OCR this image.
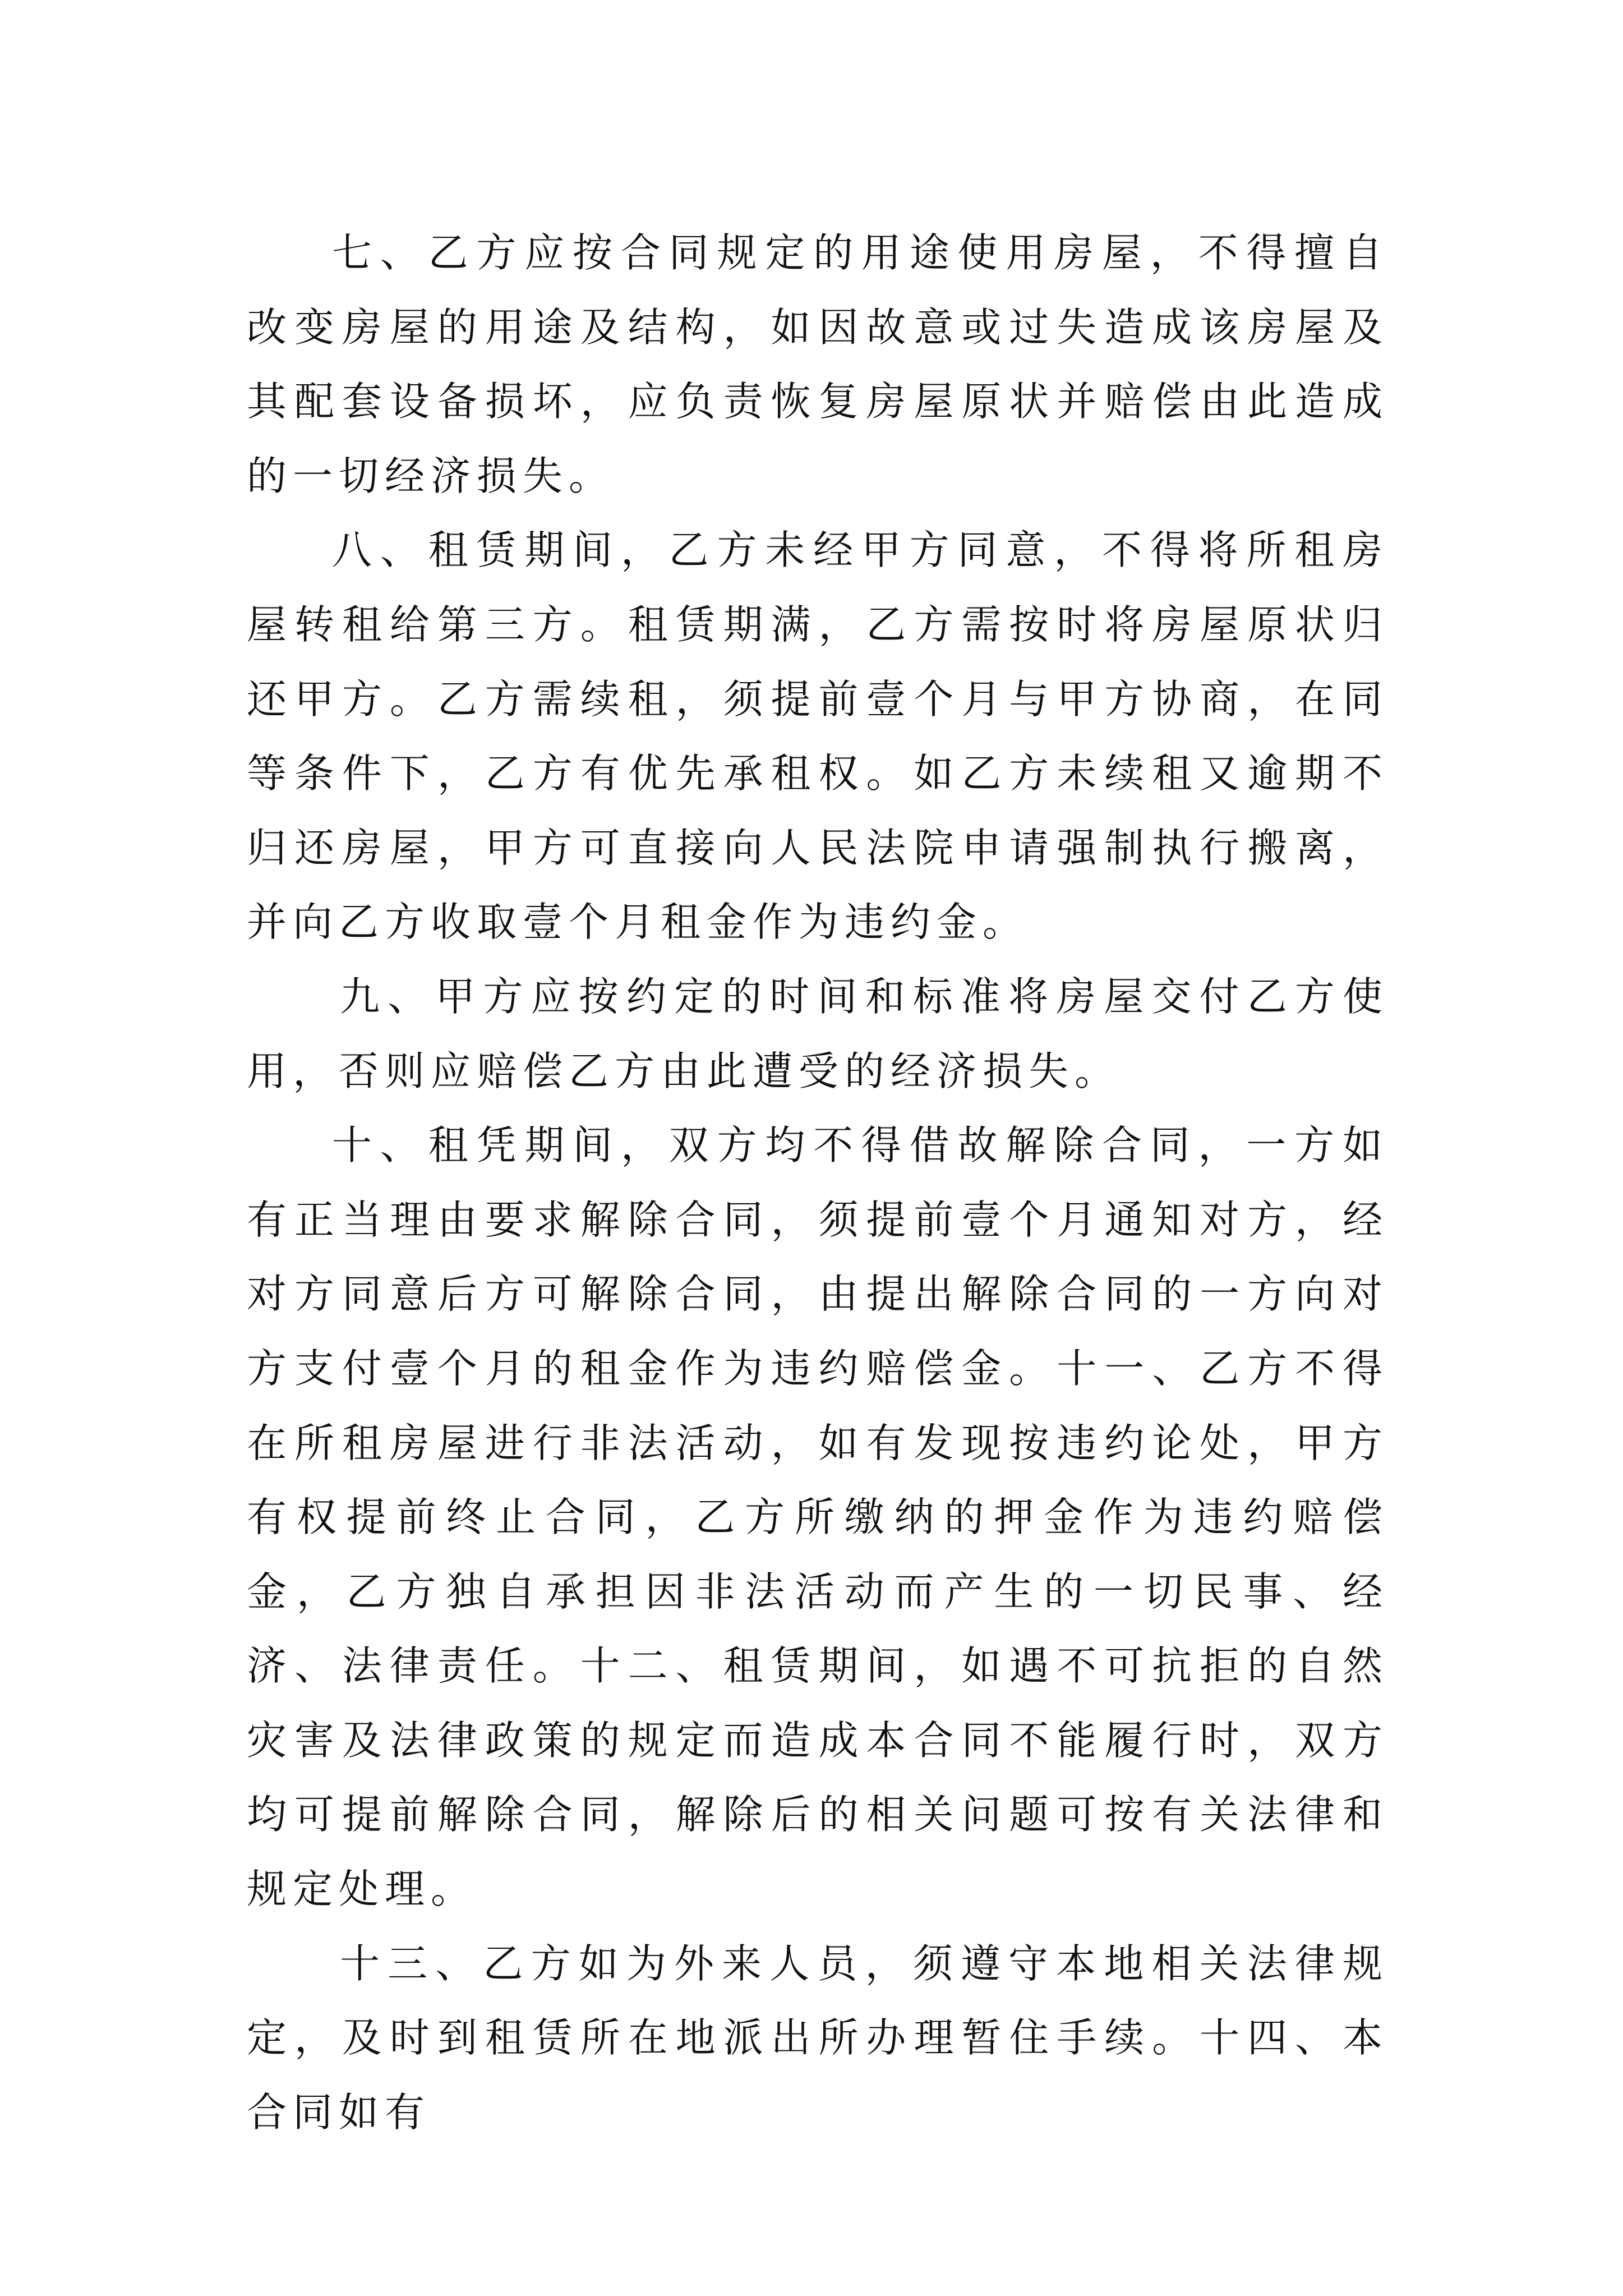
七、乙方应按合同规定的用途使用房屋，不得擅自改变房屋的用途及结构，如因故意或过失造成该房屋及其配套设备损坏，应负责恢复房屋原状并赔偿由此造成的一切经济损失。

八、租赁期间，乙方未经甲方同意，不得将所租房屋转租给第三方。租赁期满，乙方需按时将房屋原状归还甲方。乙方需续租，须提前壹个月与甲方协商，在同等条件下，乙方有优先承租权。如乙方未续租又逾期不归还房屋，甲方可直接向人民法院申请强制执行搬离，并向乙方收取壹个月租金作为违约金。

九、甲方应按约定的时间和标准将房屋交付乙方使用，否则应赔偿乙方由此遭受的经济损失。

十、租凭期间，双方均不得借故解除合同，一方如有正当理由要求解除合同，须提前壹个月通知对方，经对方同意后方可解除合同，由提出解除合同的一方向对方支付壹个月的租金作为违约赔偿金。十一、乙方不得在所租房屋进行非法活动，如有发现按违约论处，甲方有权提前终止合同，乙方所缴纳的押金作为违约赔偿金，乙方独自承担因非法活动而产生的一切民事、经济、法律责任。十二、租赁期间，如遇不可抗拒的自然灾害及法律政策的规定而造成本合同不能履行时，双方均可提前解除合同，解除后的相关问题可按有关法律和规定处理。

十三、乙方如为外来人员，须遵守本地相关法律规定，及时到租赁所在地派出所办理暂住手续。十四、本合同如有
